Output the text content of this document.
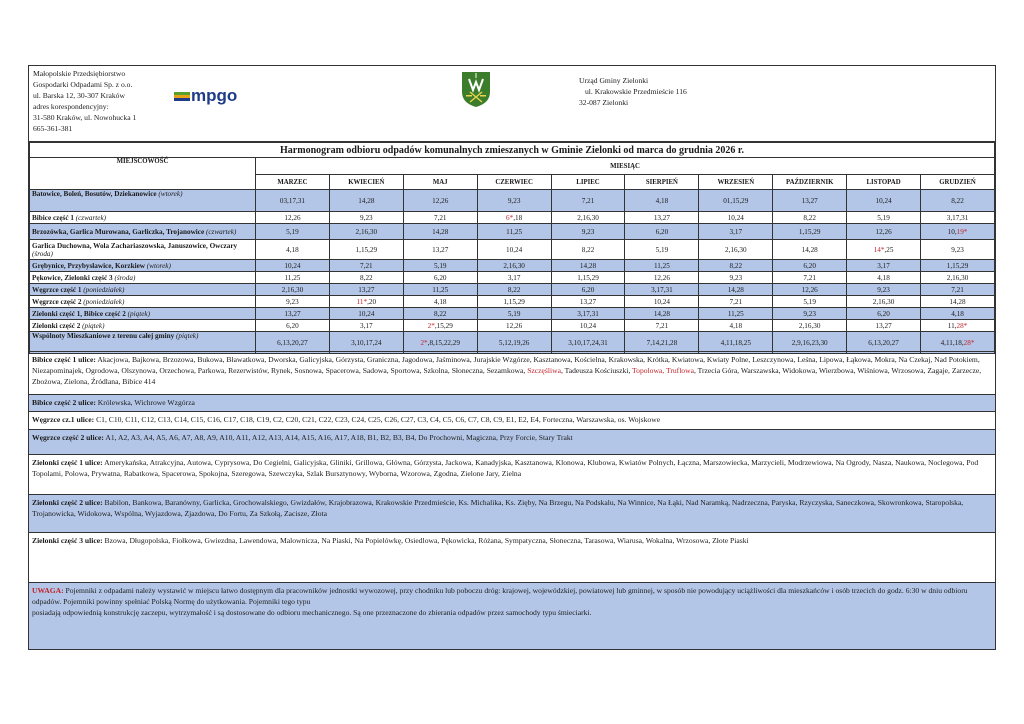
Małopolskie Przedsiębiorstwo
Gospodarki Odpadami Sp. z o.o.
ul. Barska 12, 30-307 Kraków
adres korespondencyjny:
31-580 Kraków, ul. Nowohucka 1
665-361-381
mpgo
Urząd Gminy Zielonki
ul. Krakowskie Przedmieście 116
32-087 Zielonki
Harmonogram odbioru odpadów komunalnych zmieszanych w Gminie Zielonki od marca do grudnia 2026 r.										
MIEJSCOWOŚĆ	MIESIĄC									
	MARZEC	KWIECIEŃ	MAJ	CZERWIEC	LIPIEC	SIERPIEŃ	WRZESIEŃ	PAŹDZIERNIK	LISTOPAD	GRUDZIEŃ
Batowice, Boleń, Bosutów, Dziekanowice (wtorek)	03,17,31	14,28	12,26	9,23	7,21	4,18	01,15,29	13,27	10,24	8,22
Bibice część 1 (czwartek)	12,26	9,23	7,21	6*,18	2,16,30	13,27	10,24	8,22	5,19	3,17,31
Brzozówka, Garlica Murowana, Garliczka, Trojanowice (czwartek)	5,19	2,16,30	14,28	11,25	9,23	6,20	3,17	1,15,29	12,26	10,19*
Garlica Duchowna, Wola Zachariaszowska, Januszowice, Owczary (środa)	4,18	1,15,29	13,27	10,24	8,22	5,19	2,16,30	14,28	14*,25	9,23
Grębynice, Przybysławice, Korzkiew (wtorek)	10,24	7,21	5,19	2,16,30	14,28	11,25	8,22	6,20	3,17	1,15,29
Pękowice, Zielonki część 3 (środa)	11,25	8,22	6,20	3,17	1,15,29	12,26	9,23	7,21	4,18	2,16,30
Węgrzce część 1 (poniedziałek)	2,16,30	13,27	11,25	8,22	6,20	3,17,31	14,28	12,26	9,23	7,21
Węgrzce część 2 (poniedziałek)	9,23	11*,20	4,18	1,15,29	13,27	10,24	7,21	5,19	2,16,30	14,28
Zielonki część 1, Bibice część 2 (piątek)	13,27	10,24	8,22	5,19	3,17,31	14,28	11,25	9,23	6,20	4,18
Zielonki część 2 (piątek)	6,20	3,17	2*,15,29	12,26	10,24	7,21	4,18	2,16,30	13,27	11,28*
Wspólnoty Mieszkaniowe z terenu całej gminy (piątek)	6,13,20,27	3,10,17,24	2*,8,15,22,29	5,12,19,26	3,10,17,24,31	7,14,21,28	4,11,18,25	2,9,16,23,30	6,13,20,27	4,11,18,28*
Bibice część 1 ulice: Akacjowa, Bajkowa, Brzozowa, Bukowa, Bławatkowa, Dworska, Galicyjska, Górzysta, Graniczna, Jagodowa, Jaśminowa, Jurajskie Wzgórze, Kasztanowa, Kościelna, Krakowska, Krótka, Kwiatowa, Kwiaty Polne, Leszczynowa, Leśna, Lipowa, Łąkowa, Mokra, Na Czekaj, Nad Potokiem, Niezapominajek, Ogrodowa, Olszynowa, Orzechowa, Parkowa, Rezerwistów, Rynek, Sosnowa, Spacerowa, Sadowa, Sportowa, Szkolna, Słoneczna, Sezamkowa, Szczęśliwa, Tadeusza Kościuszki, Topolowa, Truflowa, Trzecia Góra, Warszawska, Widokowa, Wierzbowa, Wiśniowa, Wrzosowa, Zagaje, Zarzecze, Zbożowa, Zielona, Źródlana, Bibice 414
Bibice część 2 ulice: Królewska, Wichrowe Wzgórza
Węgrzce cz.1 ulice: C1, C10, C11, C12, C13, C14, C15, C16, C17, C18, C19, C2, C20, C21, C22, C23, C24, C25, C26, C27, C3, C4, C5, C6, C7, C8, C9, E1, E2, E4, Forteczna, Warszawska, os. Wojskowe
Węgrzce część 2 ulice: A1, A2, A3, A4, A5, A6, A7, A8, A9, A10, A11, A12, A13, A14, A15, A16, A17, A18, B1, B2, B3, B4, Do Prochowni, Magiczna, Przy Forcie, Stary Trakt
Zielonki część 1 ulice: Amerykańska, Atrakcyjna, Autowa, Cyprysowa, Do Cegielni, Galicyjska, Gliniki, Grillowa, Główna, Górzysta, Jackowa, Kanadyjska, Kasztanowa, Klonowa, Klubowa, Kwiatów Polnych, Łączna, Marszowiecka, Marzycieli, Modrzewiowa, Na Ogrody, Nasza, Naukowa, Noclegowa, Pod Topolami, Polowa, Prywatna, Rabatkowa, Spacerowa, Spokojna, Szeregowa, Szewczyka, Szlak Bursztynowy, Wyborna, Wzorowa, Zgodna, Zielone Jary, Zielna
Zielonki część 2 ulice: Babilon, Bankowa, Baranówny, Garlicka, Grochowalskiego, Gwizdałów, Krajobrazowa, Krakowskie Przedmieście, Ks. Michalika, Ks. Zięby, Na Brzegu, Na Podskalu, Na Winnice, Na Łąki, Nad Naramką, Nadrzeczna, Paryska, Rzyczyska, Saneczkowa, Skowronkowa, Staropolska, Trojanowicka, Widokowa, Wspólna, Wyjazdowa, Zjazdowa, Do Fortu, Za Szkołą, Zacisze, Złota
Zielonki część 3 ulice: Bzowa, Długopolska, Fiołkowa, Gwiezdna, Lawendowa, Malownicza, Na Piaski, Na Popielówkę, Osiedlowa, Pękowicka, Różana, Sympatyczna, Słoneczna, Tarasowa, Wiarusa, Wokalna, Wrzosowa, Złote Piaski
UWAGA: Pojemniki z odpadami należy wystawić w miejscu łatwo dostępnym dla pracowników jednostki wywozowej, przy chodniku lub poboczu dróg: krajowej, wojewódzkiej, powiatowej lub gminnej, w sposób nie powodujący uciążliwości dla mieszkańców i osób trzecich do godz. 6:30 w dniu odbioru odpadów. Pojemniki powinny spełniać Polską Normę do użytkowania. Pojemniki tego typu
posiadają odpowiednią konstrukcję zaczepu, wytrzymałość i są dostosowane do odbioru mechanicznego. Są one przeznaczone do zbierania odpadów przez samochody typu śmieciarki.
